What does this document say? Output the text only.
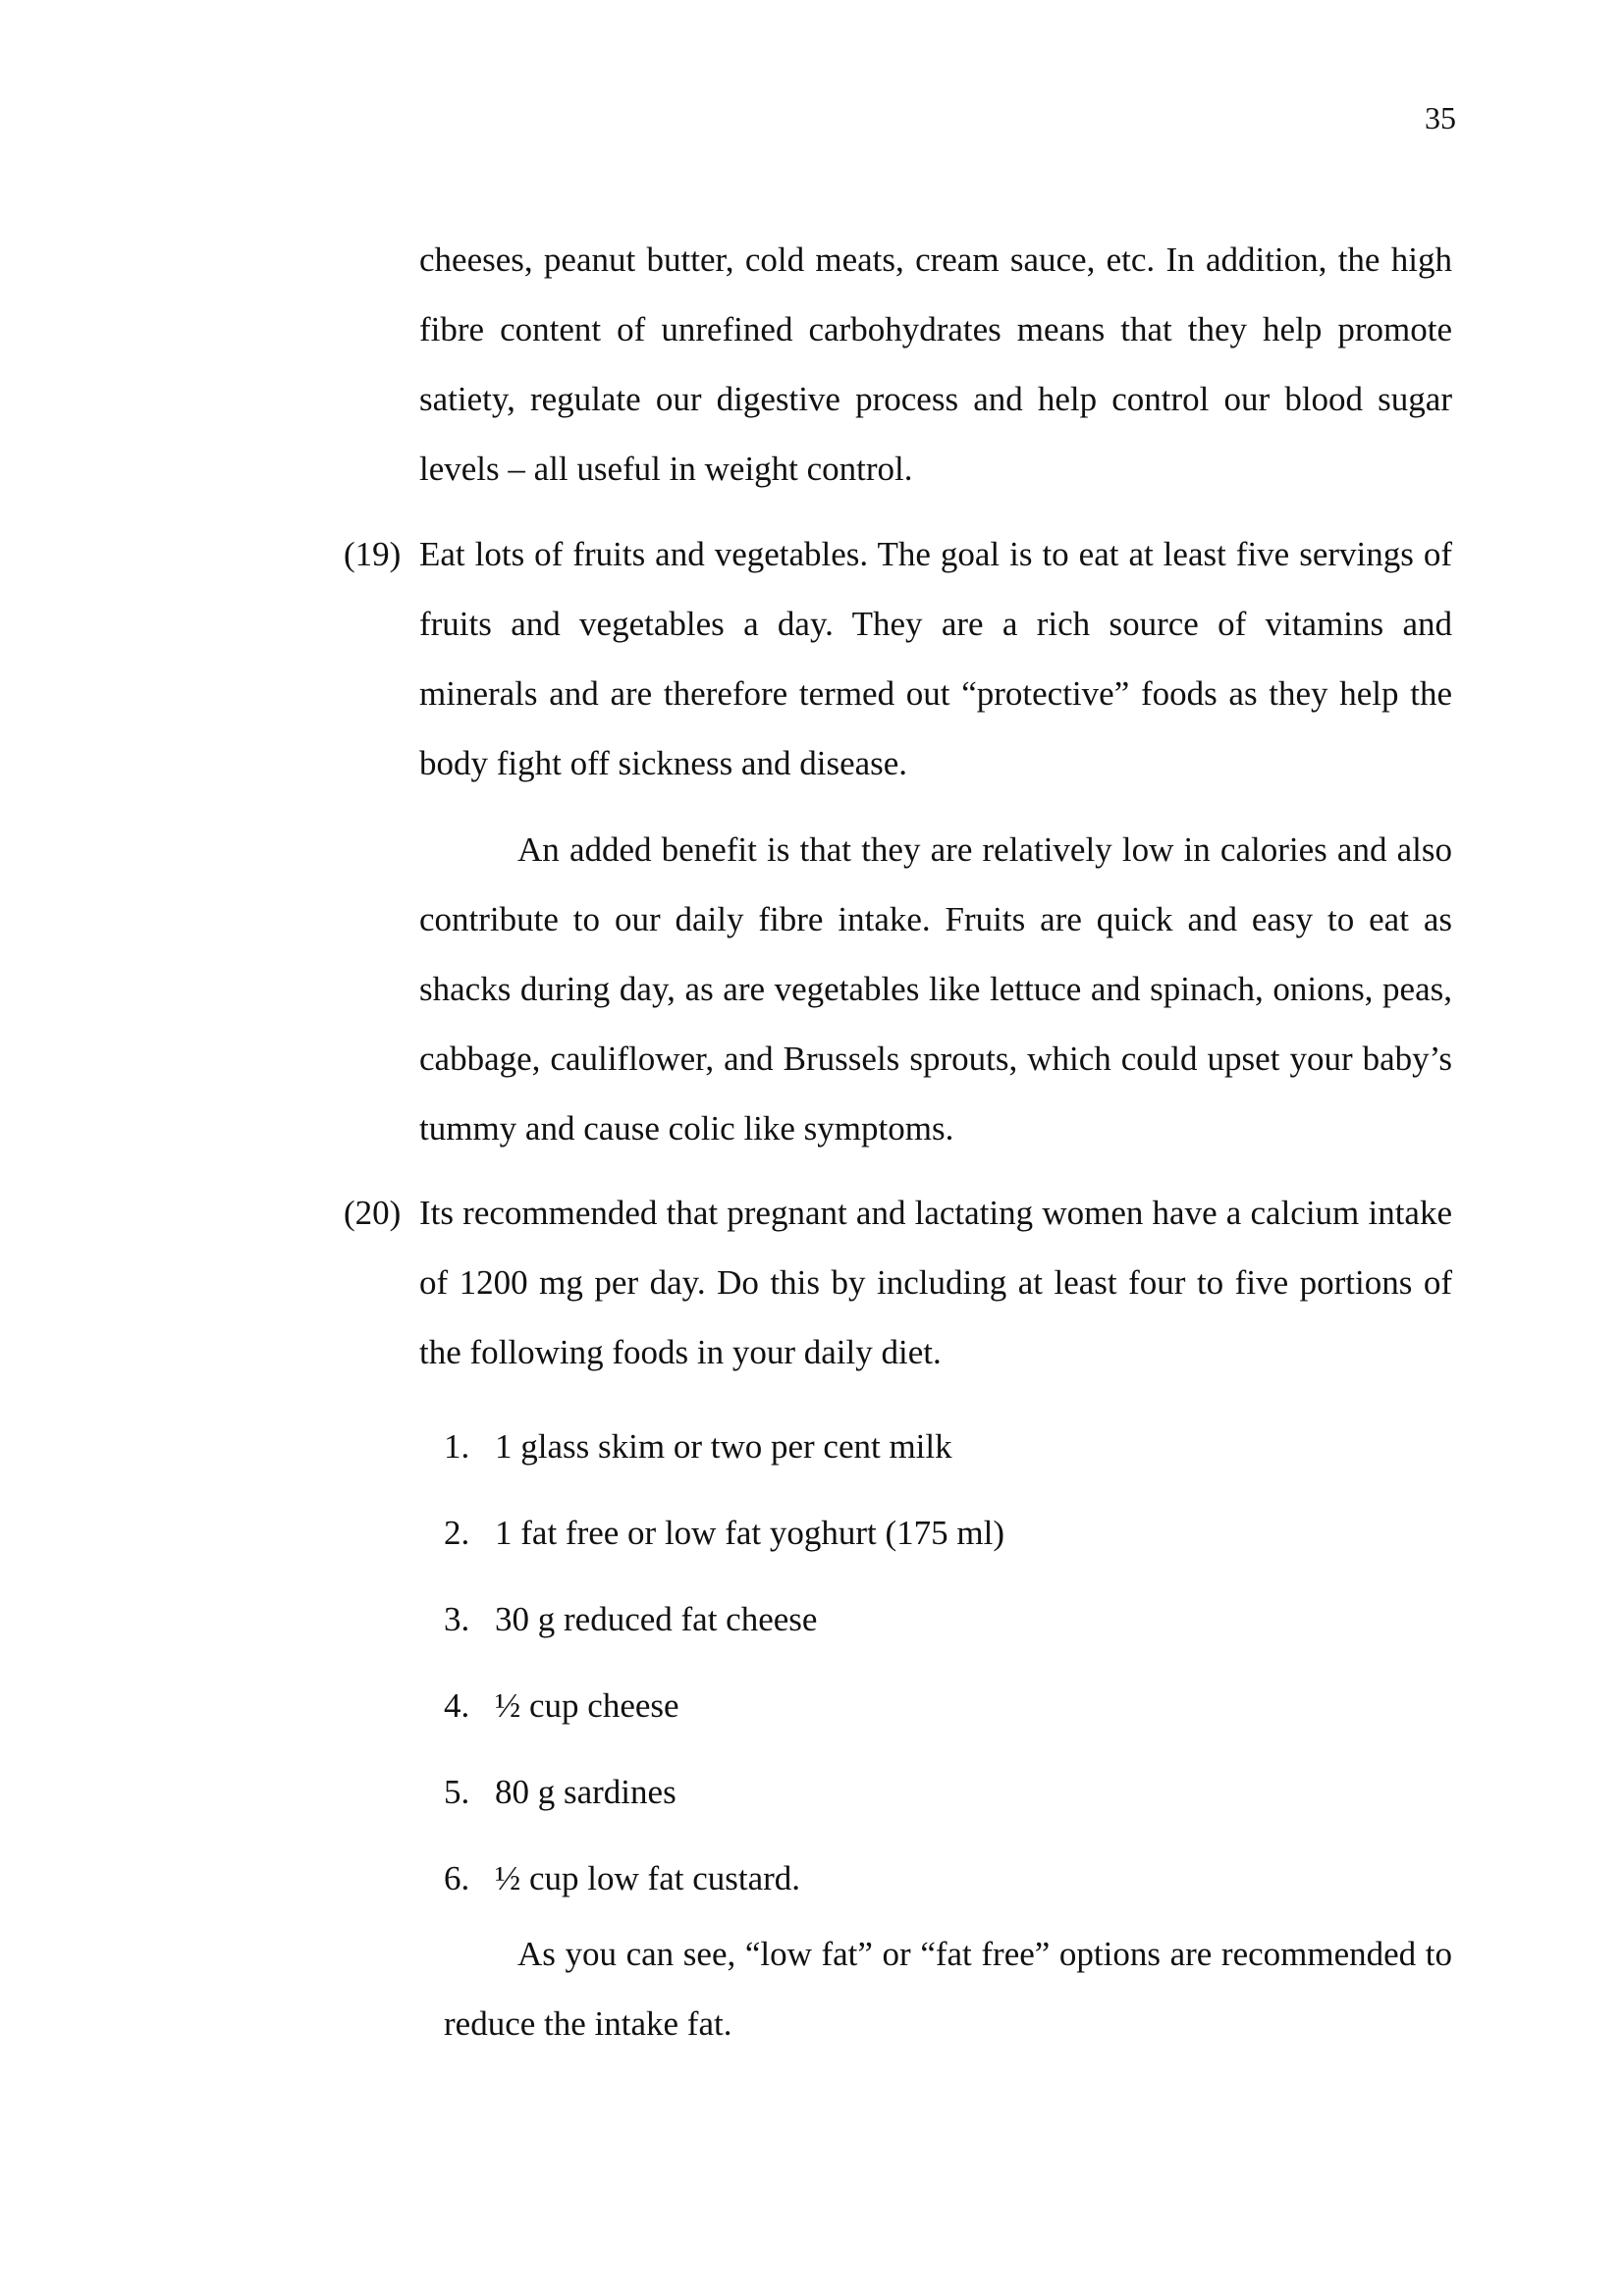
35

cheeses, peanut butter, cold meats, cream sauce, etc. In addition, the high fibre content of unrefined carbohydrates means that they help promote satiety, regulate our digestive process and help control our blood sugar levels – all useful in weight control.

(19) Eat lots of fruits and vegetables. The goal is to eat at least five servings of fruits and vegetables a day. They are a rich source of vitamins and minerals and are therefore termed out “protective” foods as they help the body fight off sickness and disease.

An added benefit is that they are relatively low in calories and also contribute to our daily fibre intake. Fruits are quick and easy to eat as shacks during day, as are vegetables like lettuce and spinach, onions, peas, cabbage, cauliflower, and Brussels sprouts, which could upset your baby’s tummy and cause colic like symptoms.

(20) Its recommended that pregnant and lactating women have a calcium intake of 1200 mg per day. Do this by including at least four to five portions of the following foods in your daily diet.

1. 1 glass skim or two per cent milk
2. 1 fat free or low fat yoghurt (175 ml)
3. 30 g reduced fat cheese
4. ½ cup cheese
5. 80 g sardines
6. ½ cup low fat custard.

As you can see, “low fat” or “fat free” options are recommended to reduce the intake fat.
